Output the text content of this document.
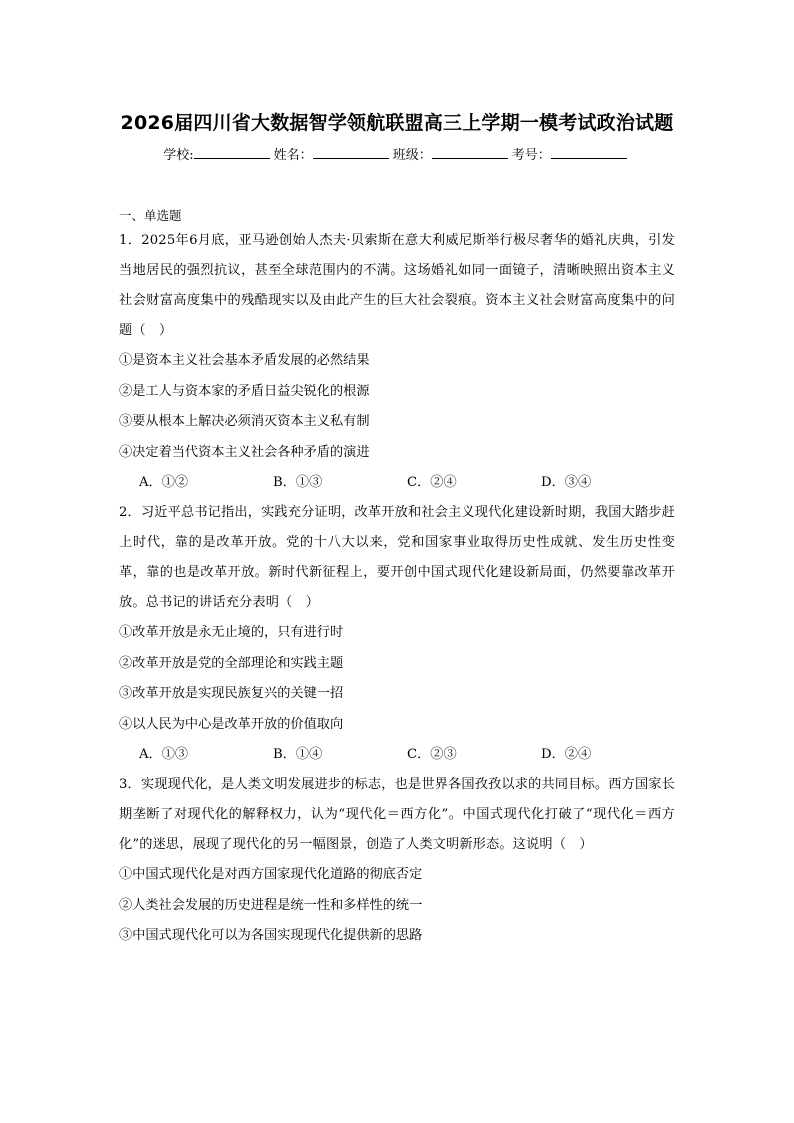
2026届四川省大数据智学领航联盟高三上学期一模考试政治试题
学校:	姓名：	班级：	考号：
一、单选题

1．2025年6月底，亚马逊创始人杰夫·贝索斯在意大利威尼斯举行极尽奢华的婚礼庆典，引发当地居民的强烈抗议，甚至全球范围内的不满。这场婚礼如同一面镜子，清晰映照出资本主义社会财富高度集中的残酷现实以及由此产生的巨大社会裂痕。资本主义社会财富高度集中的问题（　）

①是资本主义社会基本矛盾发展的必然结果

②是工人与资本家的矛盾日益尖锐化的根源

③要从根本上解决必须消灭资本主义私有制

④决定着当代资本主义社会各种矛盾的演进

A．①②	B．①③	C．②④	D．③④

2．习近平总书记指出，实践充分证明，改革开放和社会主义现代化建设新时期，我国大踏步赶上时代，靠的是改革开放。党的十八大以来，党和国家事业取得历史性成就、发生历史性变革，靠的也是改革开放。新时代新征程上，要开创中国式现代化建设新局面，仍然要靠改革开放。总书记的讲话充分表明（　）

①改革开放是永无止境的，只有进行时

②改革开放是党的全部理论和实践主题

③改革开放是实现民族复兴的关键一招

④以人民为中心是改革开放的价值取向

A．①③	B．①④	C．②③	D．②④

3．实现现代化，是人类文明发展进步的标志，也是世界各国孜孜以求的共同目标。西方国家长期垄断了对现代化的解释权力，认为“现代化＝西方化”。中国式现代化打破了“现代化＝西方化”的迷思，展现了现代化的另一幅图景，创造了人类文明新形态。这说明（　）

①中国式现代化是对西方国家现代化道路的彻底否定

②人类社会发展的历史进程是统一性和多样性的统一

③中国式现代化可以为各国实现现代化提供新的思路
